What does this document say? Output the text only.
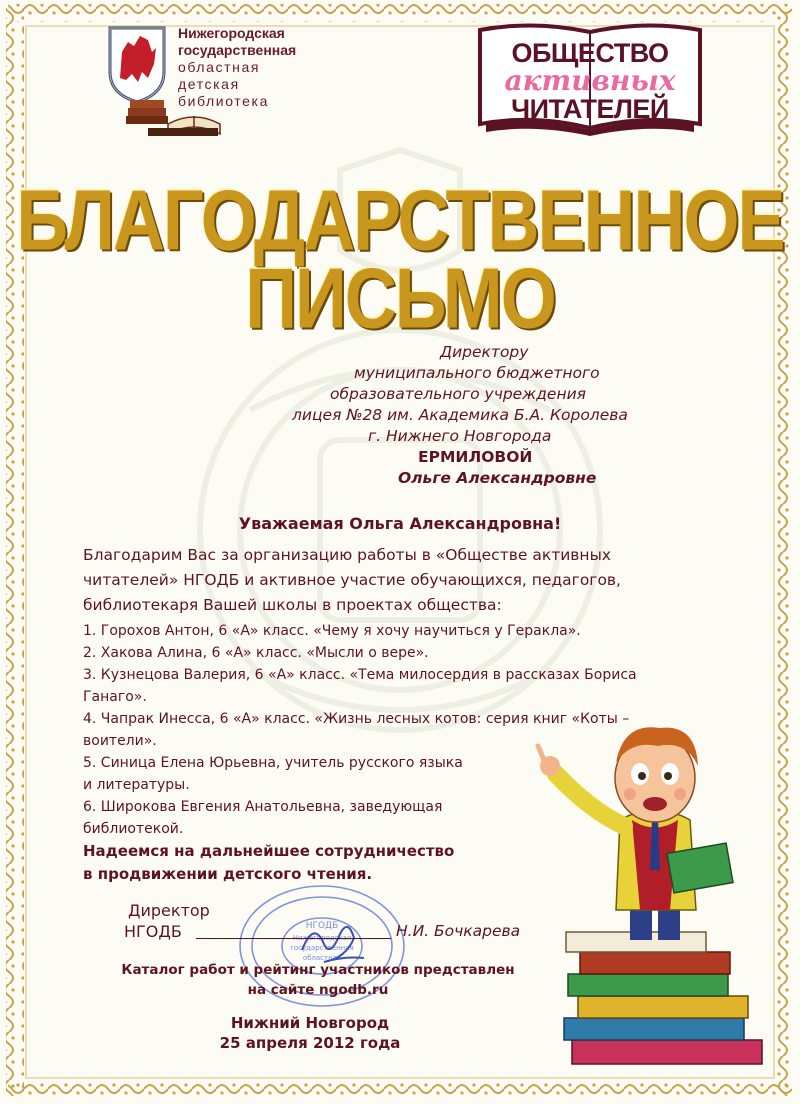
Нижегородская
государственная
областная
детская
библиотека
ОБЩЕСТВО
активных
ЧИТАТЕЛЕЙ
БЛАГОДАРСТВЕННОЕ
ПИСЬМО
Директору
муниципального бюджетного
образовательного учреждения
лицея №28 им. Академика Б.А. Королева
г. Нижнего Новгорода
ЕРМИЛОВОЙ
Ольге Александровне
Уважаемая Ольга Александровна!
Благодарим Вас за организацию работы в «Обществе активных
читателей» НГОДБ и активное участие обучающихся, педагогов,
библиотекаря Вашей школы в проектах общества:
1. Горохов Антон, 6 «А» класс. «Чему я хочу научиться у Геракла».
2. Хакова Алина, 6 «А» класс. «Мысли о вере».
3. Кузнецова Валерия, 6 «А» класс. «Тема милосердия в рассказах Бориса
Ганаго».
4. Чапрак Инесса, 6 «А» класс. «Жизнь лесных котов: серия книг «Коты –
воители».
5. Синица Елена Юрьевна, учитель русского языка
и литературы.
6. Широкова Евгения Анатольевна, заведующая
библиотекой.
Надеемся на дальнейшее сотрудничество
в продвижении детского чтения.
НГОДБ
Нижегородская
государственная
областная
Директор
НГОДБ	Н.И. Бочкарева
Каталог работ и рейтинг участников представлен
на сайте ngodb.ru
Нижний Новгород
25 апреля 2012 года
